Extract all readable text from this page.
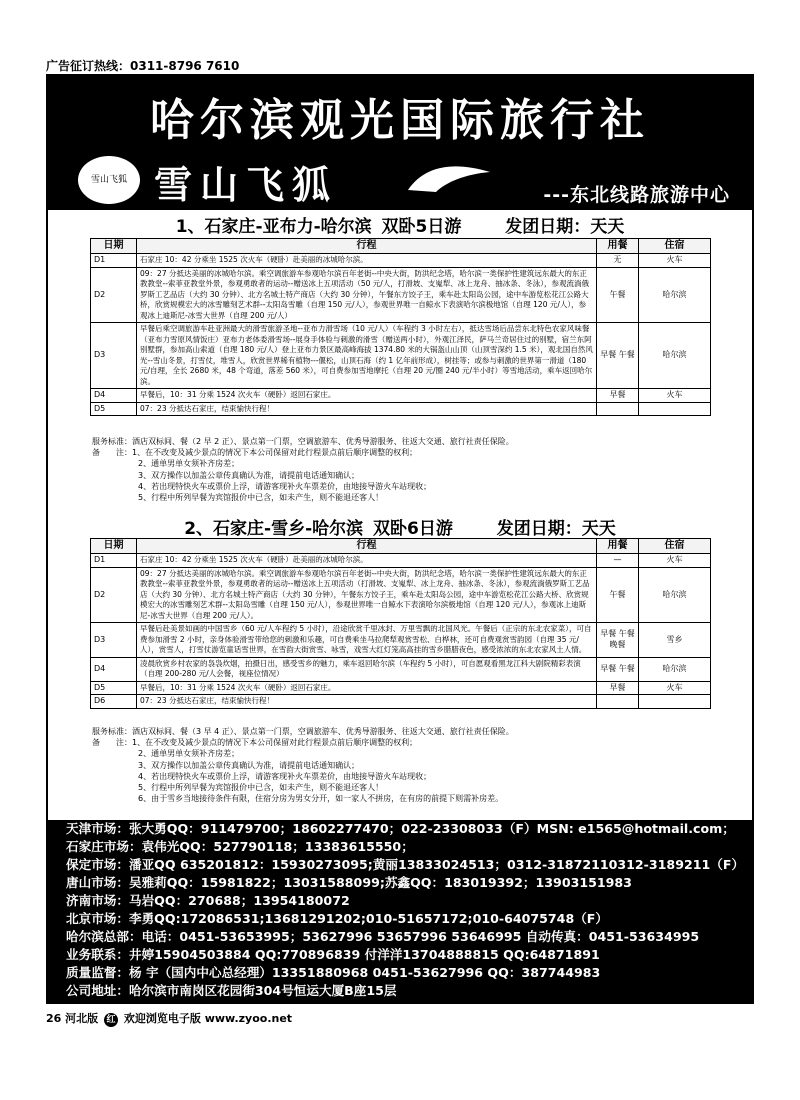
广告征订热线：0311-8796 7610
哈尔滨观光国际旅行社
雪山飞狐 雪山飞狐	---东北线路旅游中心
1、石家庄-亚布力-哈尔滨 双卧5日游	发团日期：天天
日期	行程	用餐	住宿
D1	石家庄 10：42 分乘坐 1525 次火车（硬卧）赴美丽的冰城哈尔滨。	无	火车
D2	09：27 分抵达美丽的冰城哈尔滨。乘空调旅游车参观哈尔滨百年老街--中央大街，防洪纪念塔，哈尔滨一类保护性建筑远东最大的东正教教堂--索菲亚教堂外景，参观勇敢者的运动--赠送冰上五项活动（50 元/人，打滑坡、支嵬犁、冰上龙舟、抽冰条、冬泳），参观流淌俄罗斯工艺品店（大约 30 分钟）、北方名城土特产商店（大约 30 分钟），午餐东方饺子王，乘车赴太阳岛公园，途中车游览松花江公路大桥，欣赏规模宏大的冰雪雕刻艺术群--太阳岛雪雕（自理 150 元/人），参观世界唯一自鲸水下表演哈尔滨极地馆（自理 120 元/人），参观冰上迪斯尼-冰雪大世界（自理 200 元/人）	午餐	哈尔滨
D3	早餐后乘空调旅游车赴亚洲最大的滑雪旅游圣地--亚布力滑雪场（10 元/人）（车程约 3 小时左右），抵达雪场后品尝东北特色农家风味餐（亚布力雪原风情饭庄）亚布力老体委滑雪场--展身手体验与刺激的滑雪（赠送两小时），外观江泽民，萨马兰奇居住过的别墅，宿兰东阿别墅群，参加高山索道（自理 180 元/人）登上亚布力景区最高峰海拔 1374.80 米的大锅盔山山顶（山顶雪深约 1.5 米），观北国自然风光--雪山冬景，打雪仗，堆雪人，欣赏世界稀有植物---偃松，山顶石海（约 1 亿年前形成），树挂等；或参与刺激的世界第一滑道（180 元/自理，全长 2680 米，48 个弯道，落差 560 米），可自费参加雪地摩托（自理 20 元/圈 240 元/半小时）等雪地活动，乘车返回哈尔滨。	早餐 午餐	哈尔滨
D4	早餐后，10：31 分乘 1524 次火车（硬卧）返回石家庄。	早餐	火车
D5	07：23 分抵达石家庄，结束愉快行程！		
服务标准：酒店双标间、餐（2 早 2 正）、景点第一门票，空调旅游车、优秀导游服务、往返大交通、旅行社责任保险。
备　　注：1、在不改变及减少景点的情况下本公司保留对此行程景点前后顺序调整的权利；
2、通单男单女须补齐房差；
3、双方操作以加盖公章传真确认为准，请提前电话通知确认；
4、若出现特快火车或票价上浮，请游客现补火车票差价，由地接导游火车站现收；
5、行程中所列早餐为宾馆报价中已含，如未产生，则不能退还客人！
2、石家庄-雪乡-哈尔滨 双卧6日游	发团日期：天天
日期	行程	用餐	住宿
D1	石家庄 10：42 分乘坐 1525 次火车（硬卧）赴美丽的冰城哈尔滨。	—	火车
D2	09：27 分抵达美丽的冰城哈尔滨。乘空调旅游车参观哈尔滨百年老街--中央大街，防洪纪念塔，哈尔滨一类保护性建筑远东最大的东正教教堂--索菲亚教堂外景，参观勇敢者的运动--赠送冰上五项活动（打滑坡、支嵬犁、冰上龙舟、抽冰条、冬泳），参观流淌俄罗斯工艺品店（大约 30 分钟）、北方名城土特产商店（大约 30 分钟），午餐东方饺子王，乘车赴太阳岛公园，途中车游览松花江公路大桥、欣赏规模宏大的冰雪雕刻艺术群--太阳岛雪雕（自理 150 元/人），参观世界唯一自鲸水下表演哈尔滨极地馆（自理 120 元/人），参观冰上迪斯尼-冰雪大世界（自理 200 元/人）。	午餐	哈尔滨
D3	早餐后赴美景如画的中国雪乡（60 元/人车程约 5 小时），沿途欣赏千里冰封、万里雪飘的北国风光。午餐后（正宗的东北农家菜），可自费参加滑雪 2 小时，亲身体验滑雪带给您的刺激和乐趣，可自费乘坐马拉爬犁观赏雪松、白桦林，还可自费观赏雪韵园（自理 35 元/人），赏雪人，打雪仗游览童话雪世界，在雪韵大街赏雪、咏雪，戏雪大红灯笼高高挂的雪乡腊腊夜色，感受浓浓的东北农家风土人情。	早餐 午餐 晚餐	雪乡
D4	凌晨欣赏乡村农家的袅袅炊烟，拍摄日出，感受雪乡的魅力，乘车返回哈尔滨（车程约 5 小时），可自愿观看黑龙江科大剧院精彩表演（自理 200-280 元/人会餐，视座位情况）	早餐 午餐	哈尔滨
D5	早餐后，10：31 分乘 1524 次火车（硬卧）返回石家庄。	早餐	火车
D6	07：23 分抵达石家庄，结束愉快行程！		
服务标准：酒店双标间、餐（3 早 4 正）、景点第一门票，空调旅游车、优秀导游服务、往返大交通、旅行社责任保险。
备　　注：1、在不改变及减少景点的情况下本公司保留对此行程景点前后顺序调整的权利；
2、通单男单女须补齐房差；
3、双方操作以加盖公章传真确认为准，请提前电话通知确认；
4、若出现特快火车或票价上浮，请游客现补火车票差价，由地接导游火车站现收；
5、行程中所列早餐为宾馆报价中已含，如未产生，则不能退还客人！
6、由于雪乡当地接待条件有限，住宿分房为男女分开，如一家人不拼房，在有房的前提下则需补房差。
天津市场：张大勇QQ：911479700；18602277470；022-23308033（F）MSN: e1565@hotmail.com；
石家庄市场：袁伟光QQ：527790118；13383615550；
保定市场：潘亚QQ 635201812：15930273095;黄丽13833024513；0312-31872110312-3189211（F）
唐山市场：吴雅莉QQ：15981822；13031588099;苏鑫QQ：183019392；13903151983
济南市场：马岩QQ：270688；13954180072
北京市场：李勇QQ:172086531;13681291202;010-51657172;010-64075748（F）
哈尔滨总部：电话：0451-53653995；53627996 53657996 53646995 自动传真：0451-53634995
业务联系：井婷15904503884 QQ:770896839 付洋洋13704888815 QQ:64871891
质量监督：杨 宇（国内中心总经理）13351880968 0451-53627996 QQ：387744983
公司地址：哈尔滨市南岗区花园街304号恒运大厦B座15层
26 河北版 红 欢迎浏览电子版 www.zyoo.net
